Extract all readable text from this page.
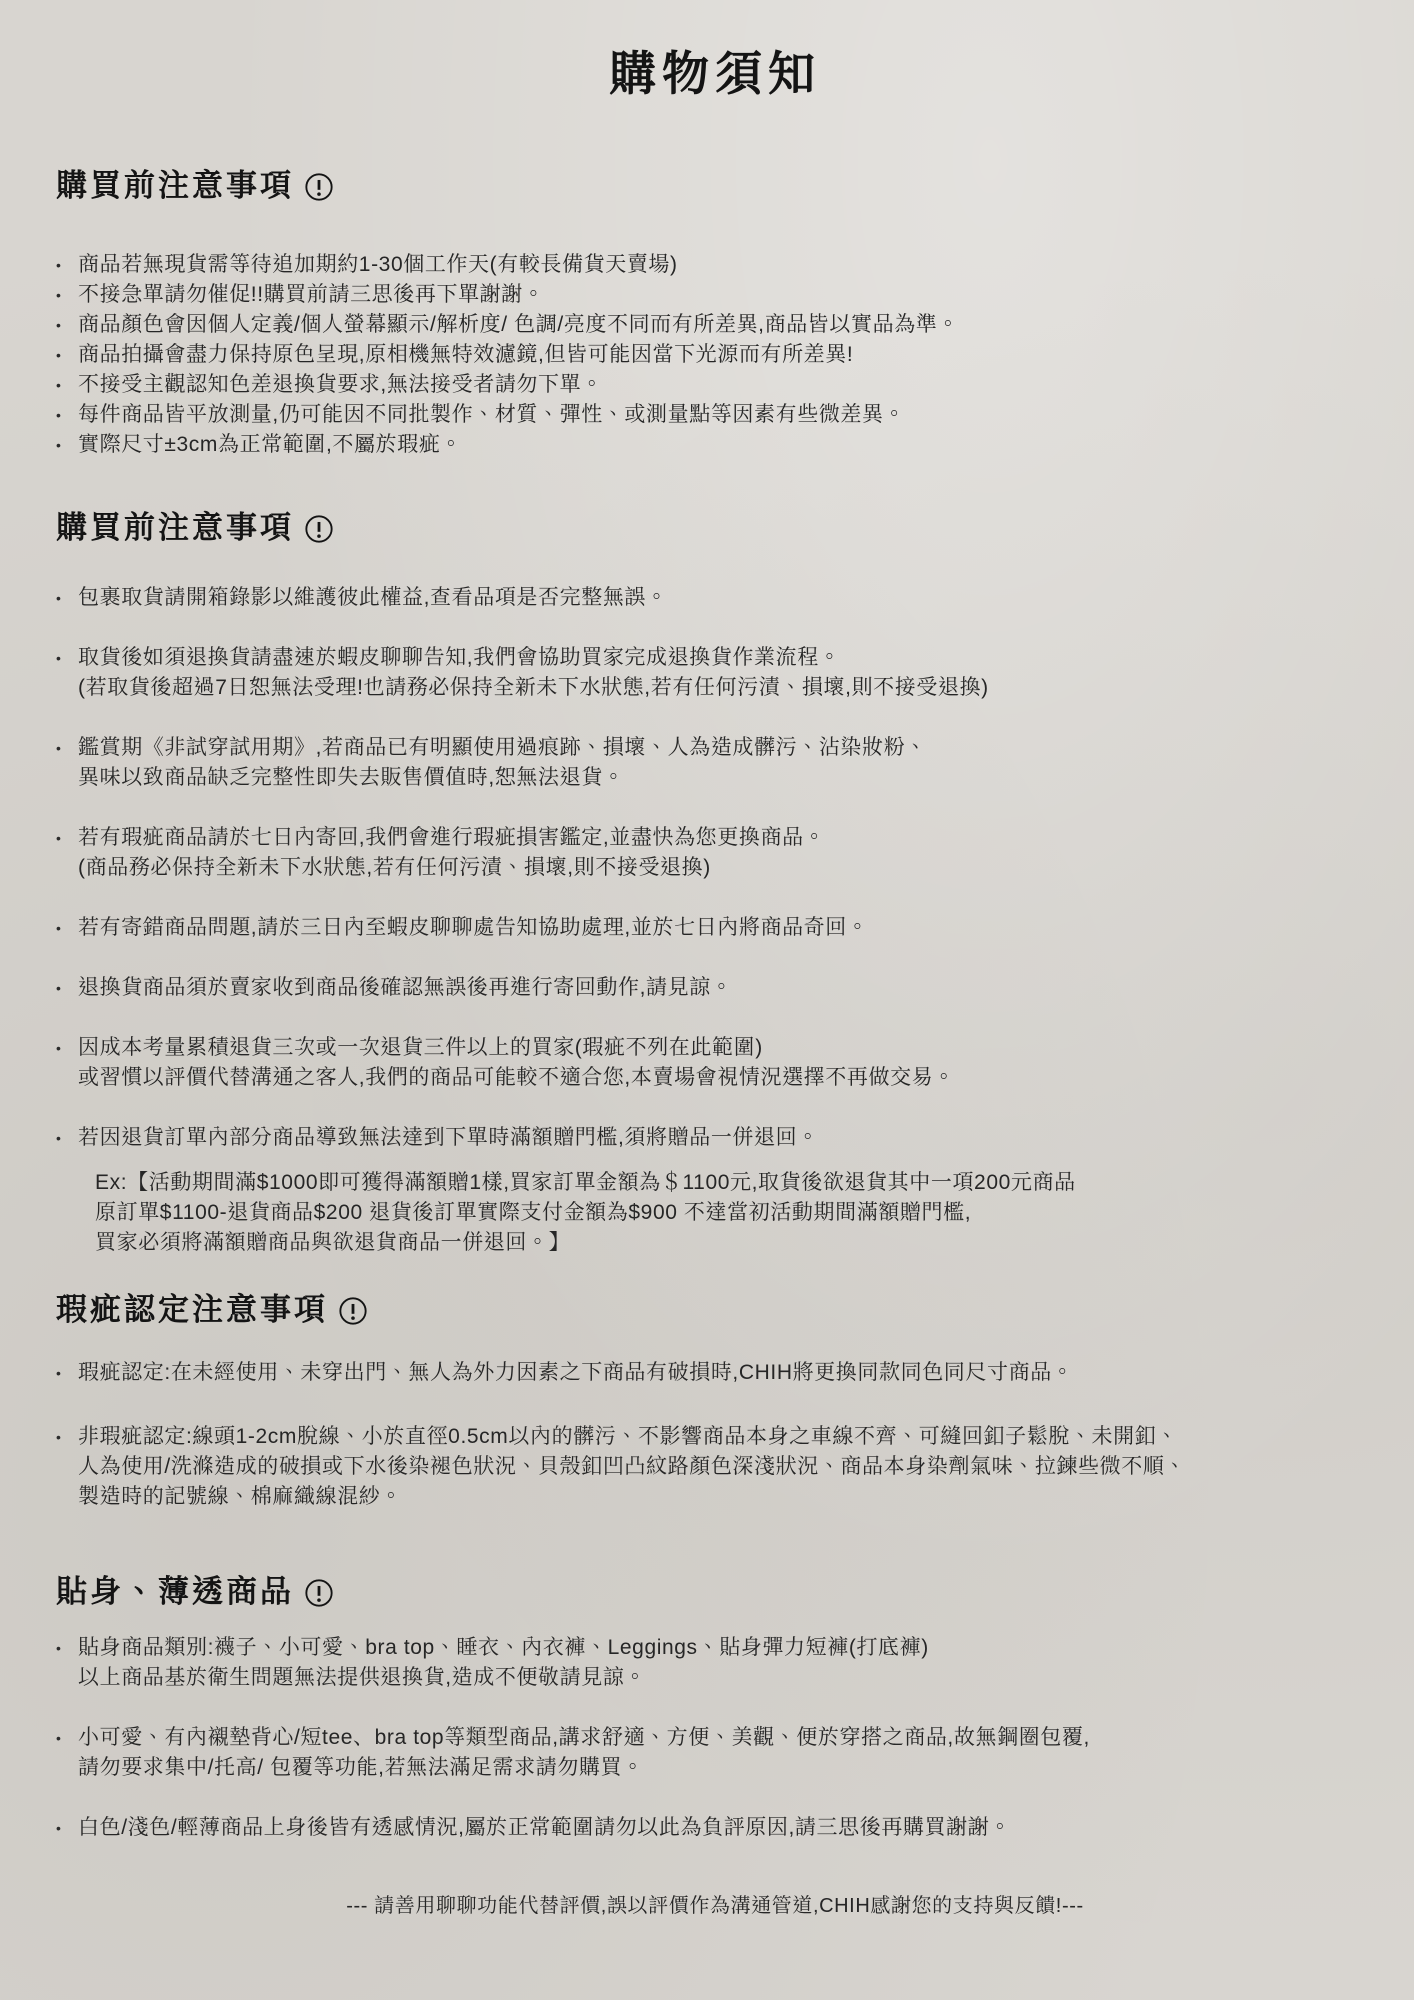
購物須知
購買前注意事項
• 商品若無現貨需等待追加期約1-30個工作天(有較長備貨天賣場)
• 不接急單請勿催促!!購買前請三思後再下單謝謝。
• 商品顏色會因個人定義/個人螢幕顯示/解析度/ 色調/亮度不同而有所差異,商品皆以實品為準。
• 商品拍攝會盡力保持原色呈現,原相機無特效濾鏡,但皆可能因當下光源而有所差異!
• 不接受主觀認知色差退換貨要求,無法接受者請勿下單。
• 每件商品皆平放測量,仍可能因不同批製作、材質、彈性、或測量點等因素有些微差異。
• 實際尺寸±3cm為正常範圍,不屬於瑕疵。
購買前注意事項
• 包裹取貨請開箱錄影以維護彼此權益,查看品項是否完整無誤。
• 取貨後如須退換貨請盡速於蝦皮聊聊告知,我們會協助買家完成退換貨作業流程。
(若取貨後超過7日恕無法受理!也請務必保持全新未下水狀態,若有任何污漬、損壞,則不接受退換)
• 鑑賞期《非試穿試用期》,若商品已有明顯使用過痕跡、損壞、人為造成髒污、沾染妝粉、
異味以致商品缺乏完整性即失去販售價值時,恕無法退貨。
• 若有瑕疵商品請於七日內寄回,我們會進行瑕疵損害鑑定,並盡快為您更換商品。
(商品務必保持全新未下水狀態,若有任何污漬、損壞,則不接受退換)
• 若有寄錯商品問題,請於三日內至蝦皮聊聊處告知協助處理,並於七日內將商品奇回。
• 退換貨商品須於賣家收到商品後確認無誤後再進行寄回動作,請見諒。
• 因成本考量累積退貨三次或一次退貨三件以上的買家(瑕疵不列在此範圍)
或習慣以評價代替溝通之客人,我們的商品可能較不適合您,本賣場會視情況選擇不再做交易。
• 若因退貨訂單內部分商品導致無法達到下單時滿額贈門檻,須將贈品一併退回。
Ex:【活動期間滿$1000即可獲得滿額贈1樣,買家訂單金額為＄1100元,取貨後欲退貨其中一項200元商品
原訂單$1100-退貨商品$200 退貨後訂單實際支付金額為$900 不達當初活動期間滿額贈門檻,
買家必須將滿額贈商品與欲退貨商品一併退回。】
瑕疵認定注意事項
• 瑕疵認定:在未經使用、未穿出門、無人為外力因素之下商品有破損時,CHIH將更換同款同色同尺寸商品。
• 非瑕疵認定:線頭1-2cm脫線、小於直徑0.5cm以內的髒污、不影響商品本身之車線不齊、可縫回釦子鬆脫、未開釦、
人為使用/洗滌造成的破損或下水後染褪色狀況、貝殼釦凹凸紋路顏色深淺狀況、商品本身染劑氣味、拉鍊些微不順、
製造時的記號線、棉麻織線混紗。
貼身、薄透商品
• 貼身商品類別:襪子、小可愛、bra top、睡衣、內衣褲、Leggings、貼身彈力短褲(打底褲)
以上商品基於衛生問題無法提供退換貨,造成不便敬請見諒。
• 小可愛、有內襯墊背心/短tee、bra top等類型商品,講求舒適、方便、美觀、便於穿搭之商品,故無鋼圈包覆,
請勿要求集中/托高/ 包覆等功能,若無法滿足需求請勿購買。
• 白色/淺色/輕薄商品上身後皆有透感情況,屬於正常範圍請勿以此為負評原因,請三思後再購買謝謝。
--- 請善用聊聊功能代替評價,誤以評價作為溝通管道,CHIH感謝您的支持與反饋!---
